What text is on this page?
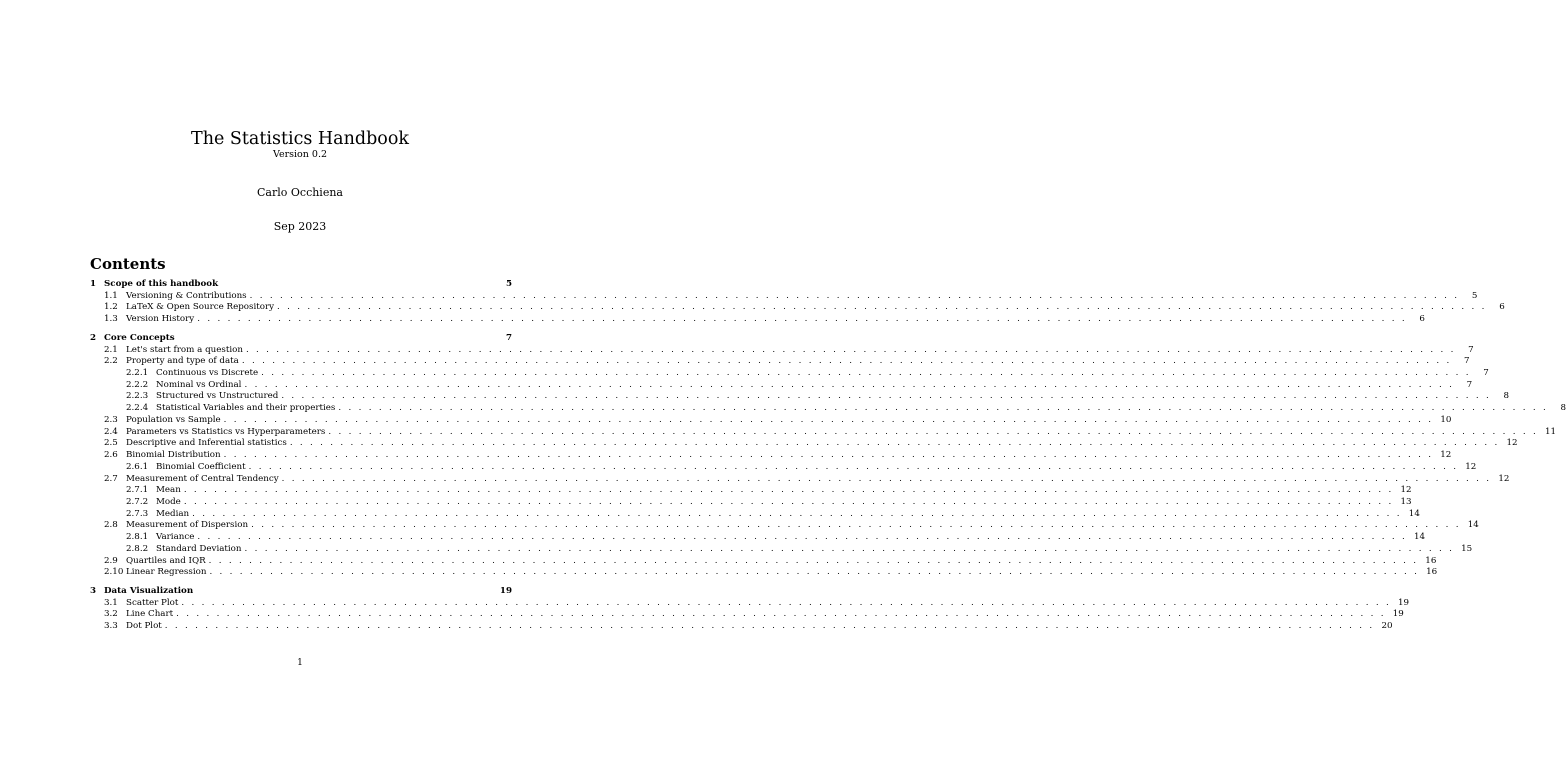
The Statistics Handbook
Version 0.2
Carlo Occhiena
Sep 2023
Contents
1 Scope of this handbook	5
1.1 Versioning & Contributions . . . . . . . . . . . . . . . . . . . . . . . . . . . . . . . . . . . . . . . . . . . . . . . . . . . . . . . . . . . . . . . . . . . . . . . . . . . . . . . . . . . . . . . . . . . . . . . . . . . . . . . . . . . . . . . . . . . . . . . .	5
1.2 LaTeX & Open Source Repository . . . . . . . . . . . . . . . . . . . . . . . . . . . . . . . . . . . . . . . . . . . . . . . . . . . . . . . . . . . . . . . . . . . . . . . . . . . . . . . . . . . . . . . . . . . . . . . . . . . . . . . . . . . . . . . . . . . . . . . .	6
1.3 Version History . . . . . . . . . . . . . . . . . . . . . . . . . . . . . . . . . . . . . . . . . . . . . . . . . . . . . . . . . . . . . . . . . . . . . . . . . . . . . . . . . . . . . . . . . . . . . . . . . . . . . . . . . . . . . . . . . . . . . . . .	6
2 Core Concepts	7
2.1 Let's start from a question . . . . . . . . . . . . . . . . . . . . . . . . . . . . . . . . . . . . . . . . . . . . . . . . . . . . . . . . . . . . . . . . . . . . . . . . . . . . . . . . . . . . . . . . . . . . . . . . . . . . . . . . . . . . . . . . . . . . . . . .	7
2.2 Property and type of data . . . . . . . . . . . . . . . . . . . . . . . . . . . . . . . . . . . . . . . . . . . . . . . . . . . . . . . . . . . . . . . . . . . . . . . . . . . . . . . . . . . . . . . . . . . . . . . . . . . . . . . . . . . . . . . . . . . . . . . .	7
2.2.1 Continuous vs Discrete . . . . . . . . . . . . . . . . . . . . . . . . . . . . . . . . . . . . . . . . . . . . . . . . . . . . . . . . . . . . . . . . . . . . . . . . . . . . . . . . . . . . . . . . . . . . . . . . . . . . . . . . . . . . . . . . . . . . . . . .	7
2.2.2 Nominal vs Ordinal . . . . . . . . . . . . . . . . . . . . . . . . . . . . . . . . . . . . . . . . . . . . . . . . . . . . . . . . . . . . . . . . . . . . . . . . . . . . . . . . . . . . . . . . . . . . . . . . . . . . . . . . . . . . . . . . . . . . . . . .	7
2.2.3 Structured vs Unstructured . . . . . . . . . . . . . . . . . . . . . . . . . . . . . . . . . . . . . . . . . . . . . . . . . . . . . . . . . . . . . . . . . . . . . . . . . . . . . . . . . . . . . . . . . . . . . . . . . . . . . . . . . . . . . . . . . . . . . . . .	8
2.2.4 Statistical Variables and their properties . . . . . . . . . . . . . . . . . . . . . . . . . . . . . . . . . . . . . . . . . . . . . . . . . . . . . . . . . . . . . . . . . . . . . . . . . . . . . . . . . . . . . . . . . . . . . . . . . . . . . . . . . . . . . . . . . . . . . . . .	8
2.3 Population vs Sample . . . . . . . . . . . . . . . . . . . . . . . . . . . . . . . . . . . . . . . . . . . . . . . . . . . . . . . . . . . . . . . . . . . . . . . . . . . . . . . . . . . . . . . . . . . . . . . . . . . . . . . . . . . . . . . . . . . . . . . . 10
2.4 Parameters vs Statistics vs Hyperparameters . . . . . . . . . . . . . . . . . . . . . . . . . . . . . . . . . . . . . . . . . . . . . . . . . . . . . . . . . . . . . . . . . . . . . . . . . . . . . . . . . . . . . . . . . . . . . . . . . . . . . . . . . . . . . . . . . . . . . . . . 11
2.5 Descriptive and Inferential statistics . . . . . . . . . . . . . . . . . . . . . . . . . . . . . . . . . . . . . . . . . . . . . . . . . . . . . . . . . . . . . . . . . . . . . . . . . . . . . . . . . . . . . . . . . . . . . . . . . . . . . . . . . . . . . . . . . . . . . . . . 12
2.6 Binomial Distribution . . . . . . . . . . . . . . . . . . . . . . . . . . . . . . . . . . . . . . . . . . . . . . . . . . . . . . . . . . . . . . . . . . . . . . . . . . . . . . . . . . . . . . . . . . . . . . . . . . . . . . . . . . . . . . . . . . . . . . . . 12
2.6.1 Binomial Coefficient . . . . . . . . . . . . . . . . . . . . . . . . . . . . . . . . . . . . . . . . . . . . . . . . . . . . . . . . . . . . . . . . . . . . . . . . . . . . . . . . . . . . . . . . . . . . . . . . . . . . . . . . . . . . . . . . . . . . . . . . 12
2.7 Measurement of Central Tendency . . . . . . . . . . . . . . . . . . . . . . . . . . . . . . . . . . . . . . . . . . . . . . . . . . . . . . . . . . . . . . . . . . . . . . . . . . . . . . . . . . . . . . . . . . . . . . . . . . . . . . . . . . . . . . . . . . . . . . . . 12
2.7.1 Mean . . . . . . . . . . . . . . . . . . . . . . . . . . . . . . . . . . . . . . . . . . . . . . . . . . . . . . . . . . . . . . . . . . . . . . . . . . . . . . . . . . . . . . . . . . . . . . . . . . . . . . . . . . . . . . . . . . . . . . . . 12
2.7.2 Mode . . . . . . . . . . . . . . . . . . . . . . . . . . . . . . . . . . . . . . . . . . . . . . . . . . . . . . . . . . . . . . . . . . . . . . . . . . . . . . . . . . . . . . . . . . . . . . . . . . . . . . . . . . . . . . . . . . . . . . . . 13
2.7.3 Median . . . . . . . . . . . . . . . . . . . . . . . . . . . . . . . . . . . . . . . . . . . . . . . . . . . . . . . . . . . . . . . . . . . . . . . . . . . . . . . . . . . . . . . . . . . . . . . . . . . . . . . . . . . . . . . . . . . . . . . . 14
2.8 Measurement of Dispersion . . . . . . . . . . . . . . . . . . . . . . . . . . . . . . . . . . . . . . . . . . . . . . . . . . . . . . . . . . . . . . . . . . . . . . . . . . . . . . . . . . . . . . . . . . . . . . . . . . . . . . . . . . . . . . . . . . . . . . . . 14
2.8.1 Variance . . . . . . . . . . . . . . . . . . . . . . . . . . . . . . . . . . . . . . . . . . . . . . . . . . . . . . . . . . . . . . . . . . . . . . . . . . . . . . . . . . . . . . . . . . . . . . . . . . . . . . . . . . . . . . . . . . . . . . . . 14
2.8.2 Standard Deviation . . . . . . . . . . . . . . . . . . . . . . . . . . . . . . . . . . . . . . . . . . . . . . . . . . . . . . . . . . . . . . . . . . . . . . . . . . . . . . . . . . . . . . . . . . . . . . . . . . . . . . . . . . . . . . . . . . . . . . . . 15
2.9 Quartiles and IQR . . . . . . . . . . . . . . . . . . . . . . . . . . . . . . . . . . . . . . . . . . . . . . . . . . . . . . . . . . . . . . . . . . . . . . . . . . . . . . . . . . . . . . . . . . . . . . . . . . . . . . . . . . . . . . . . . . . . . . . . 16
2.10 Linear Regression . . . . . . . . . . . . . . . . . . . . . . . . . . . . . . . . . . . . . . . . . . . . . . . . . . . . . . . . . . . . . . . . . . . . . . . . . . . . . . . . . . . . . . . . . . . . . . . . . . . . . . . . . . . . . . . . . . . . . . . . 16
3 Data Visualization	19
3.1 Scatter Plot . . . . . . . . . . . . . . . . . . . . . . . . . . . . . . . . . . . . . . . . . . . . . . . . . . . . . . . . . . . . . . . . . . . . . . . . . . . . . . . . . . . . . . . . . . . . . . . . . . . . . . . . . . . . . . . . . . . . . . . . 19
3.2 Line Chart . . . . . . . . . . . . . . . . . . . . . . . . . . . . . . . . . . . . . . . . . . . . . . . . . . . . . . . . . . . . . . . . . . . . . . . . . . . . . . . . . . . . . . . . . . . . . . . . . . . . . . . . . . . . . . . . . . . . . . . . 19
3.3 Dot Plot . . . . . . . . . . . . . . . . . . . . . . . . . . . . . . . . . . . . . . . . . . . . . . . . . . . . . . . . . . . . . . . . . . . . . . . . . . . . . . . . . . . . . . . . . . . . . . . . . . . . . . . . . . . . . . . . . . . . . . . . 20
1
